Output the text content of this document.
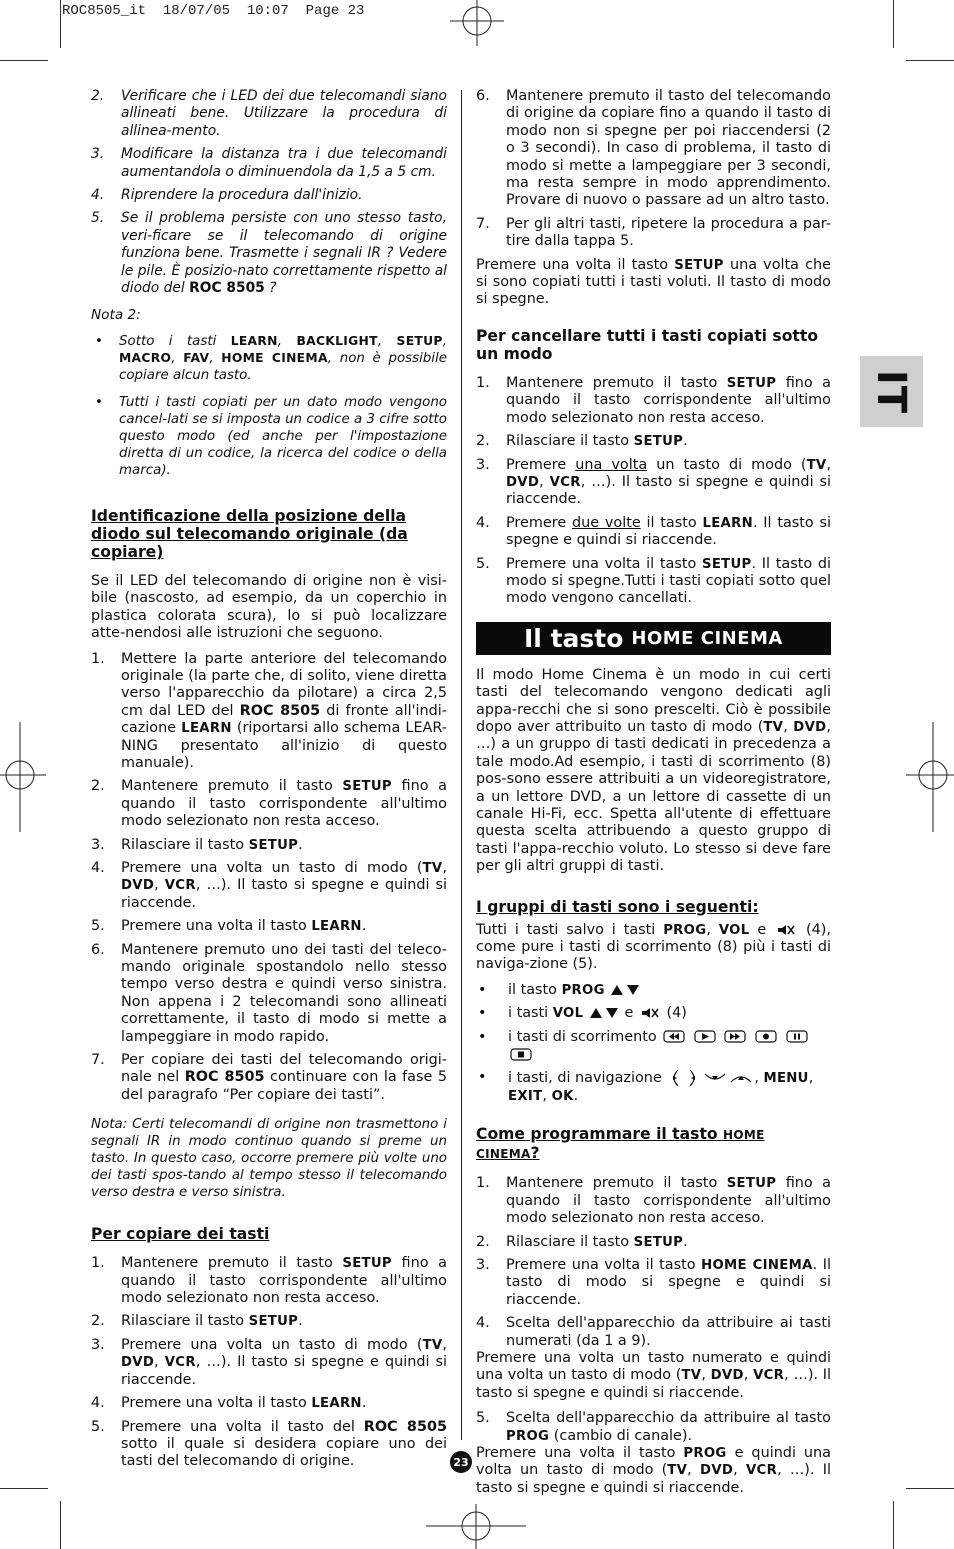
ROC8505_it  18/07/05  10:07  Page 23
2.	Verificare che i LED dei due telecomandi siano allineati bene. Utilizzare la procedura di allinea-mento.
3.	Modificare la distanza tra i due telecomandi aumentandola o diminuendola da 1,5 a 5 cm.
4.	Riprendere la procedura dall'inizio.
5.	Se il problema persiste con uno stesso tasto, veri-ficare se il telecomando di origine funziona bene. Trasmette i segnali IR ? Vedere le pile. È posizio-nato correttamente rispetto al diodo del ROC 8505 ?
Nota 2:
•	Sotto i tasti LEARN, BACKLIGHT, SETUP, MACRO, FAV, HOME CINEMA, non è possibile copiare alcun tasto.
•	Tutti i tasti copiati per un dato modo vengono cancel-lati se si imposta un codice a 3 cifre sotto questo modo (ed anche per l'impostazione diretta di un codice, la ricerca del codice o della marca).
Identificazione della posizione della diodo sul telecomando originale (da copiare)

Se il LED del telecomando di origine non è visi-bile (nascosto, ad esempio, da un coperchio in plastica colorata scura), lo si può localizzare atte-nendosi alle istruzioni che seguono.

1.	Mettere la parte anteriore del telecomando originale (la parte che, di solito, viene diretta verso l'apparecchio da pilotare) a circa 2,5 cm dal LED del ROC 8505 di fronte all'indi-cazione LEARN (riportarsi allo schema LEAR-NING presentato all'inizio di questo manuale).
2.	Mantenere premuto il tasto SETUP fino a quando il tasto corrispondente all'ultimo modo selezionato non resta acceso.
3.	Rilasciare il tasto SETUP.
4.	Premere una volta un tasto di modo (TV, DVD, VCR, …). Il tasto si spegne e quindi si riaccende.
5.	Premere una volta il tasto LEARN.
6.	Mantenere premuto uno dei tasti del teleco-mando originale spostandolo nello stesso tempo verso destra e quindi verso sinistra. Non appena i 2 telecomandi sono allineati correttamente, il tasto di modo si mette a lampeggiare in modo rapido.
7.	Per copiare dei tasti del telecomando origi-nale nel ROC 8505 continuare con la fase 5 del paragrafo “Per copiare dei tasti”.
Nota: Certi telecomandi di origine non trasmettono i segnali IR in modo continuo quando si preme un tasto. In questo caso, occorre premere più volte uno dei tasti spos-tando al tempo stesso il telecomando verso destra e verso sinistra.
Per copiare dei tasti
1.	Mantenere premuto il tasto SETUP fino a quando il tasto corrispondente all'ultimo modo selezionato non resta acceso.
2.	Rilasciare il tasto SETUP.
3.	Premere una volta un tasto di modo (TV, DVD, VCR, …). Il tasto si spegne e quindi si riaccende.
4.	Premere una volta il tasto LEARN.
5.	Premere una volta il tasto del ROC 8505 sotto il quale si desidera copiare uno dei tasti del telecomando di origine.
6.	Mantenere premuto il tasto del telecomando di origine da copiare fino a quando il tasto di modo non si spegne per poi riaccendersi (2 o 3 secondi). In caso di problema, il tasto di modo si mette a lampeggiare per 3 secondi, ma resta sempre in modo apprendimento. Provare di nuovo o passare ad un altro tasto.
7.	Per gli altri tasti, ripetere la procedura a par-tire dalla tappa 5.

Premere una volta il tasto SETUP una volta che si sono copiati tutti i tasti voluti. Il tasto di modo si spegne.

Per cancellare tutti i tasti copiati sotto un modo
1.	Mantenere premuto il tasto SETUP fino a quando il tasto corrispondente all'ultimo modo selezionato non resta acceso.
2.	Rilasciare il tasto SETUP.
3.	Premere una volta un tasto di modo (TV, DVD, VCR, …). Il tasto si spegne e quindi si riaccende.
4.	Premere due volte il tasto LEARN. Il tasto si spegne e quindi si riaccende.
5.	Premere una volta il tasto SETUP. Il tasto di modo si spegne.Tutti i tasti copiati sotto quel modo vengono cancellati.
Il tasto HOME CINEMA

Il modo Home Cinema è un modo in cui certi tasti del telecomando vengono dedicati agli appa-recchi che si sono prescelti. Ciò è possibile dopo aver attribuito un tasto di modo (TV, DVD, …) a un gruppo di tasti dedicati in precedenza a tale modo.Ad esempio, i tasti di scorrimento (8) pos-sono essere attribuiti a un videoregistratore, a un lettore DVD, a un lettore di cassette di un canale Hi-Fi, ecc. Spetta all'utente di effettuare questa scelta attribuendo a questo gruppo di tasti l'appa-recchio voluto. Lo stesso si deve fare per gli altri gruppi di tasti.

I gruppi di tasti sono i seguenti:

Tutti i tasti salvo i tasti PROG, VOL e  (4), come pure i tasti di scorrimento (8) più i tasti di naviga-zione (5).

•	il tasto PROG
•	i tasti VOL	e  (4)
•	i tasti di scorrimento
•	i tasti, di navigazione	, MENU, EXIT, OK.
Come programmare il tasto HOME CINEMA?
1.	Mantenere premuto il tasto SETUP fino a quando il tasto corrispondente all'ultimo modo selezionato non resta acceso.
2.	Rilasciare il tasto SETUP.
3.	Premere una volta il tasto HOME CINEMA. Il tasto di modo si spegne e quindi si riaccende.
4.	Scelta dell'apparecchio da attribuire ai tasti numerati (da 1 a 9).

Premere una volta un tasto numerato e quindi una volta un tasto di modo (TV, DVD, VCR, …). Il tasto si spegne e quindi si riaccende.

5.	Scelta dell'apparecchio da attribuire al tasto PROG (cambio di canale).

Premere una volta il tasto PROG e quindi una volta un tasto di modo (TV, DVD, VCR, …). Il tasto si spegne e quindi si riaccende.

IT
23
